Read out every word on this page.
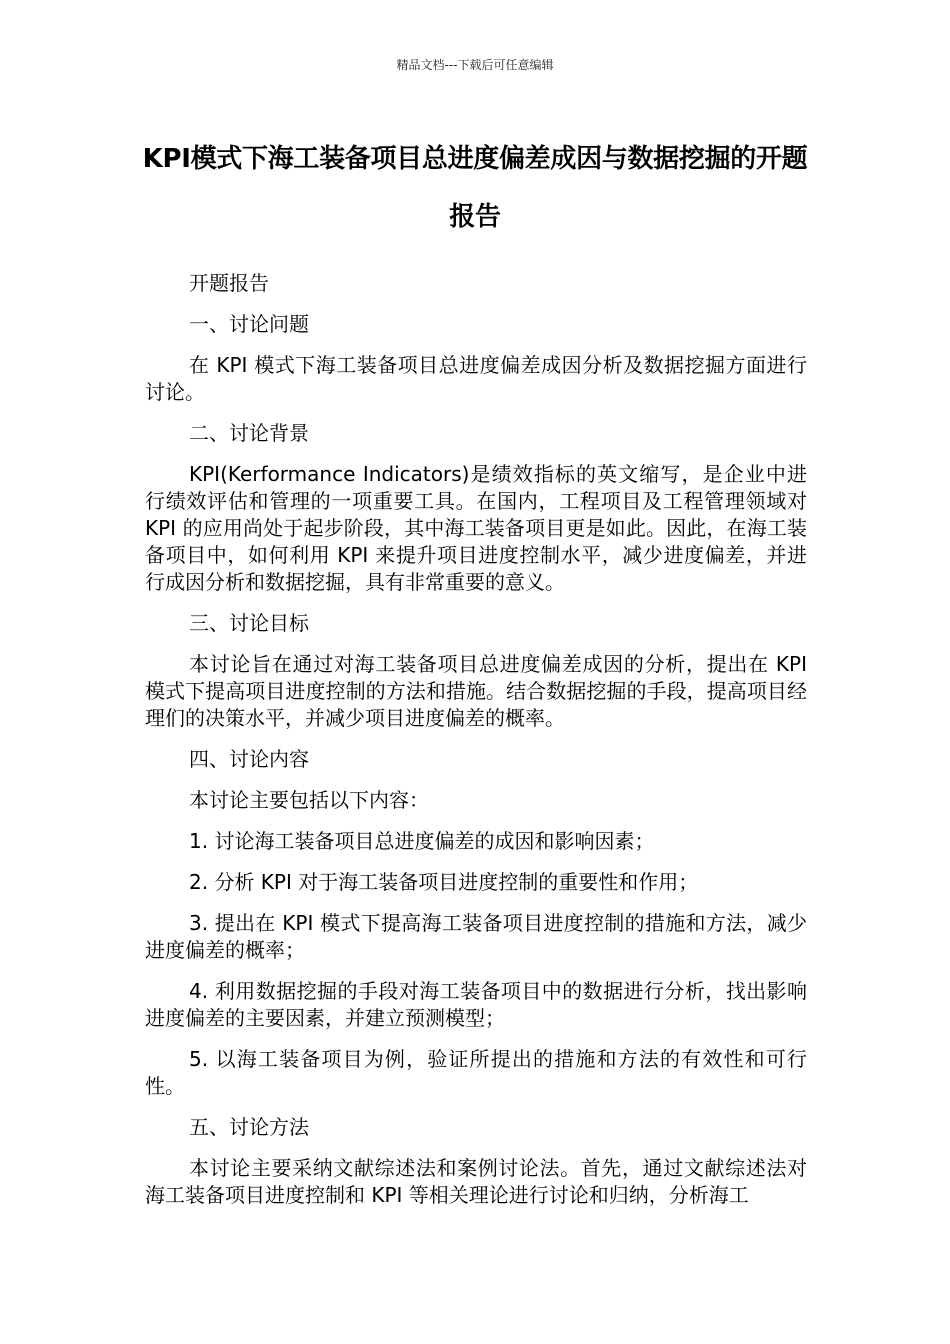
精品文档---下载后可任意编辑
KPI模式下海工装备项目总进度偏差成因与数据挖掘的开题报告

开题报告

一、讨论问题

在 KPI 模式下海工装备项目总进度偏差成因分析及数据挖掘方面进行讨论。

二、讨论背景

KPI(Kerformance Indicators)是绩效指标的英文缩写，是企业中进行绩效评估和管理的一项重要工具。在国内，工程项目及工程管理领域对 KPI 的应用尚处于起步阶段，其中海工装备项目更是如此。因此，在海工装备项目中，如何利用 KPI 来提升项目进度控制水平，减少进度偏差，并进行成因分析和数据挖掘，具有非常重要的意义。

三、讨论目标

本讨论旨在通过对海工装备项目总进度偏差成因的分析，提出在 KPI 模式下提高项目进度控制的方法和措施。结合数据挖掘的手段，提高项目经理们的决策水平，并减少项目进度偏差的概率。

四、讨论内容

本讨论主要包括以下内容：

1. 讨论海工装备项目总进度偏差的成因和影响因素；

2. 分析 KPI 对于海工装备项目进度控制的重要性和作用；

3. 提出在 KPI 模式下提高海工装备项目进度控制的措施和方法，减少进度偏差的概率；

4. 利用数据挖掘的手段对海工装备项目中的数据进行分析，找出影响进度偏差的主要因素，并建立预测模型；

5. 以海工装备项目为例，验证所提出的措施和方法的有效性和可行性。

五、讨论方法

本讨论主要采纳文献综述法和案例讨论法。首先，通过文献综述法对海工装备项目进度控制和 KPI 等相关理论进行讨论和归纳，分析海工
